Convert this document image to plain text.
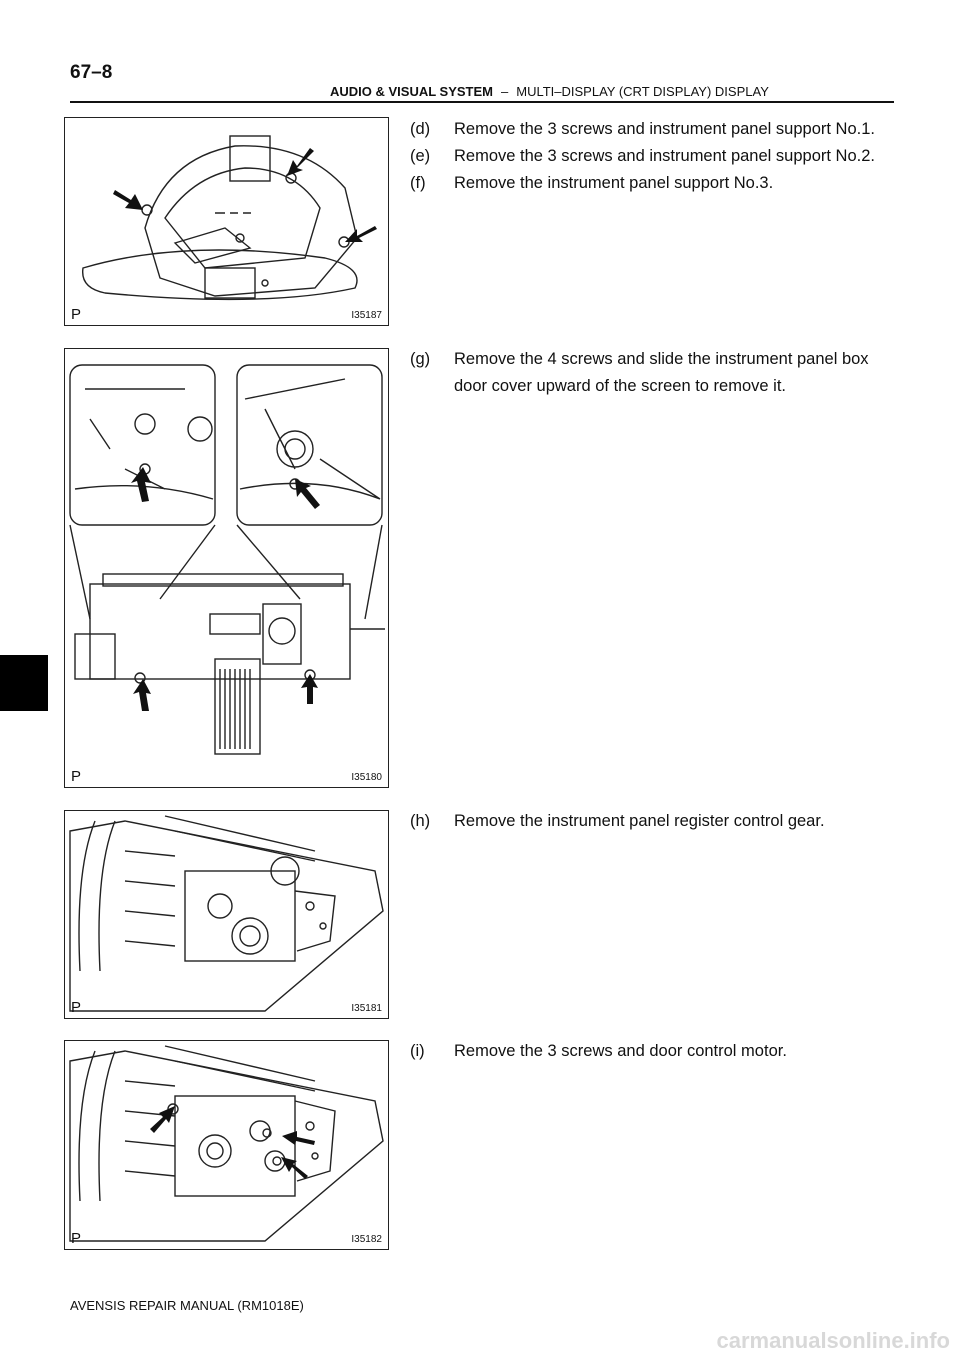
67–8
AUDIO & VISUAL SYSTEM – MULTI–DISPLAY (CRT DISPLAY) DISPLAY
P	I35187
P	I35180
P	I35181
P	I35182
(d) Remove the 3 screws and instrument panel support No.1.
(e) Remove the 3 screws and instrument panel support No.2.
(f) Remove the instrument panel support No.3.
(g) Remove the 4 screws and slide the instrument panel box door cover upward of the screen to remove it.
(h) Remove the instrument panel register control gear.
(i) Remove the 3 screws and door control motor.
AVENSIS REPAIR MANUAL (RM1018E)
carmanualsonline.info
